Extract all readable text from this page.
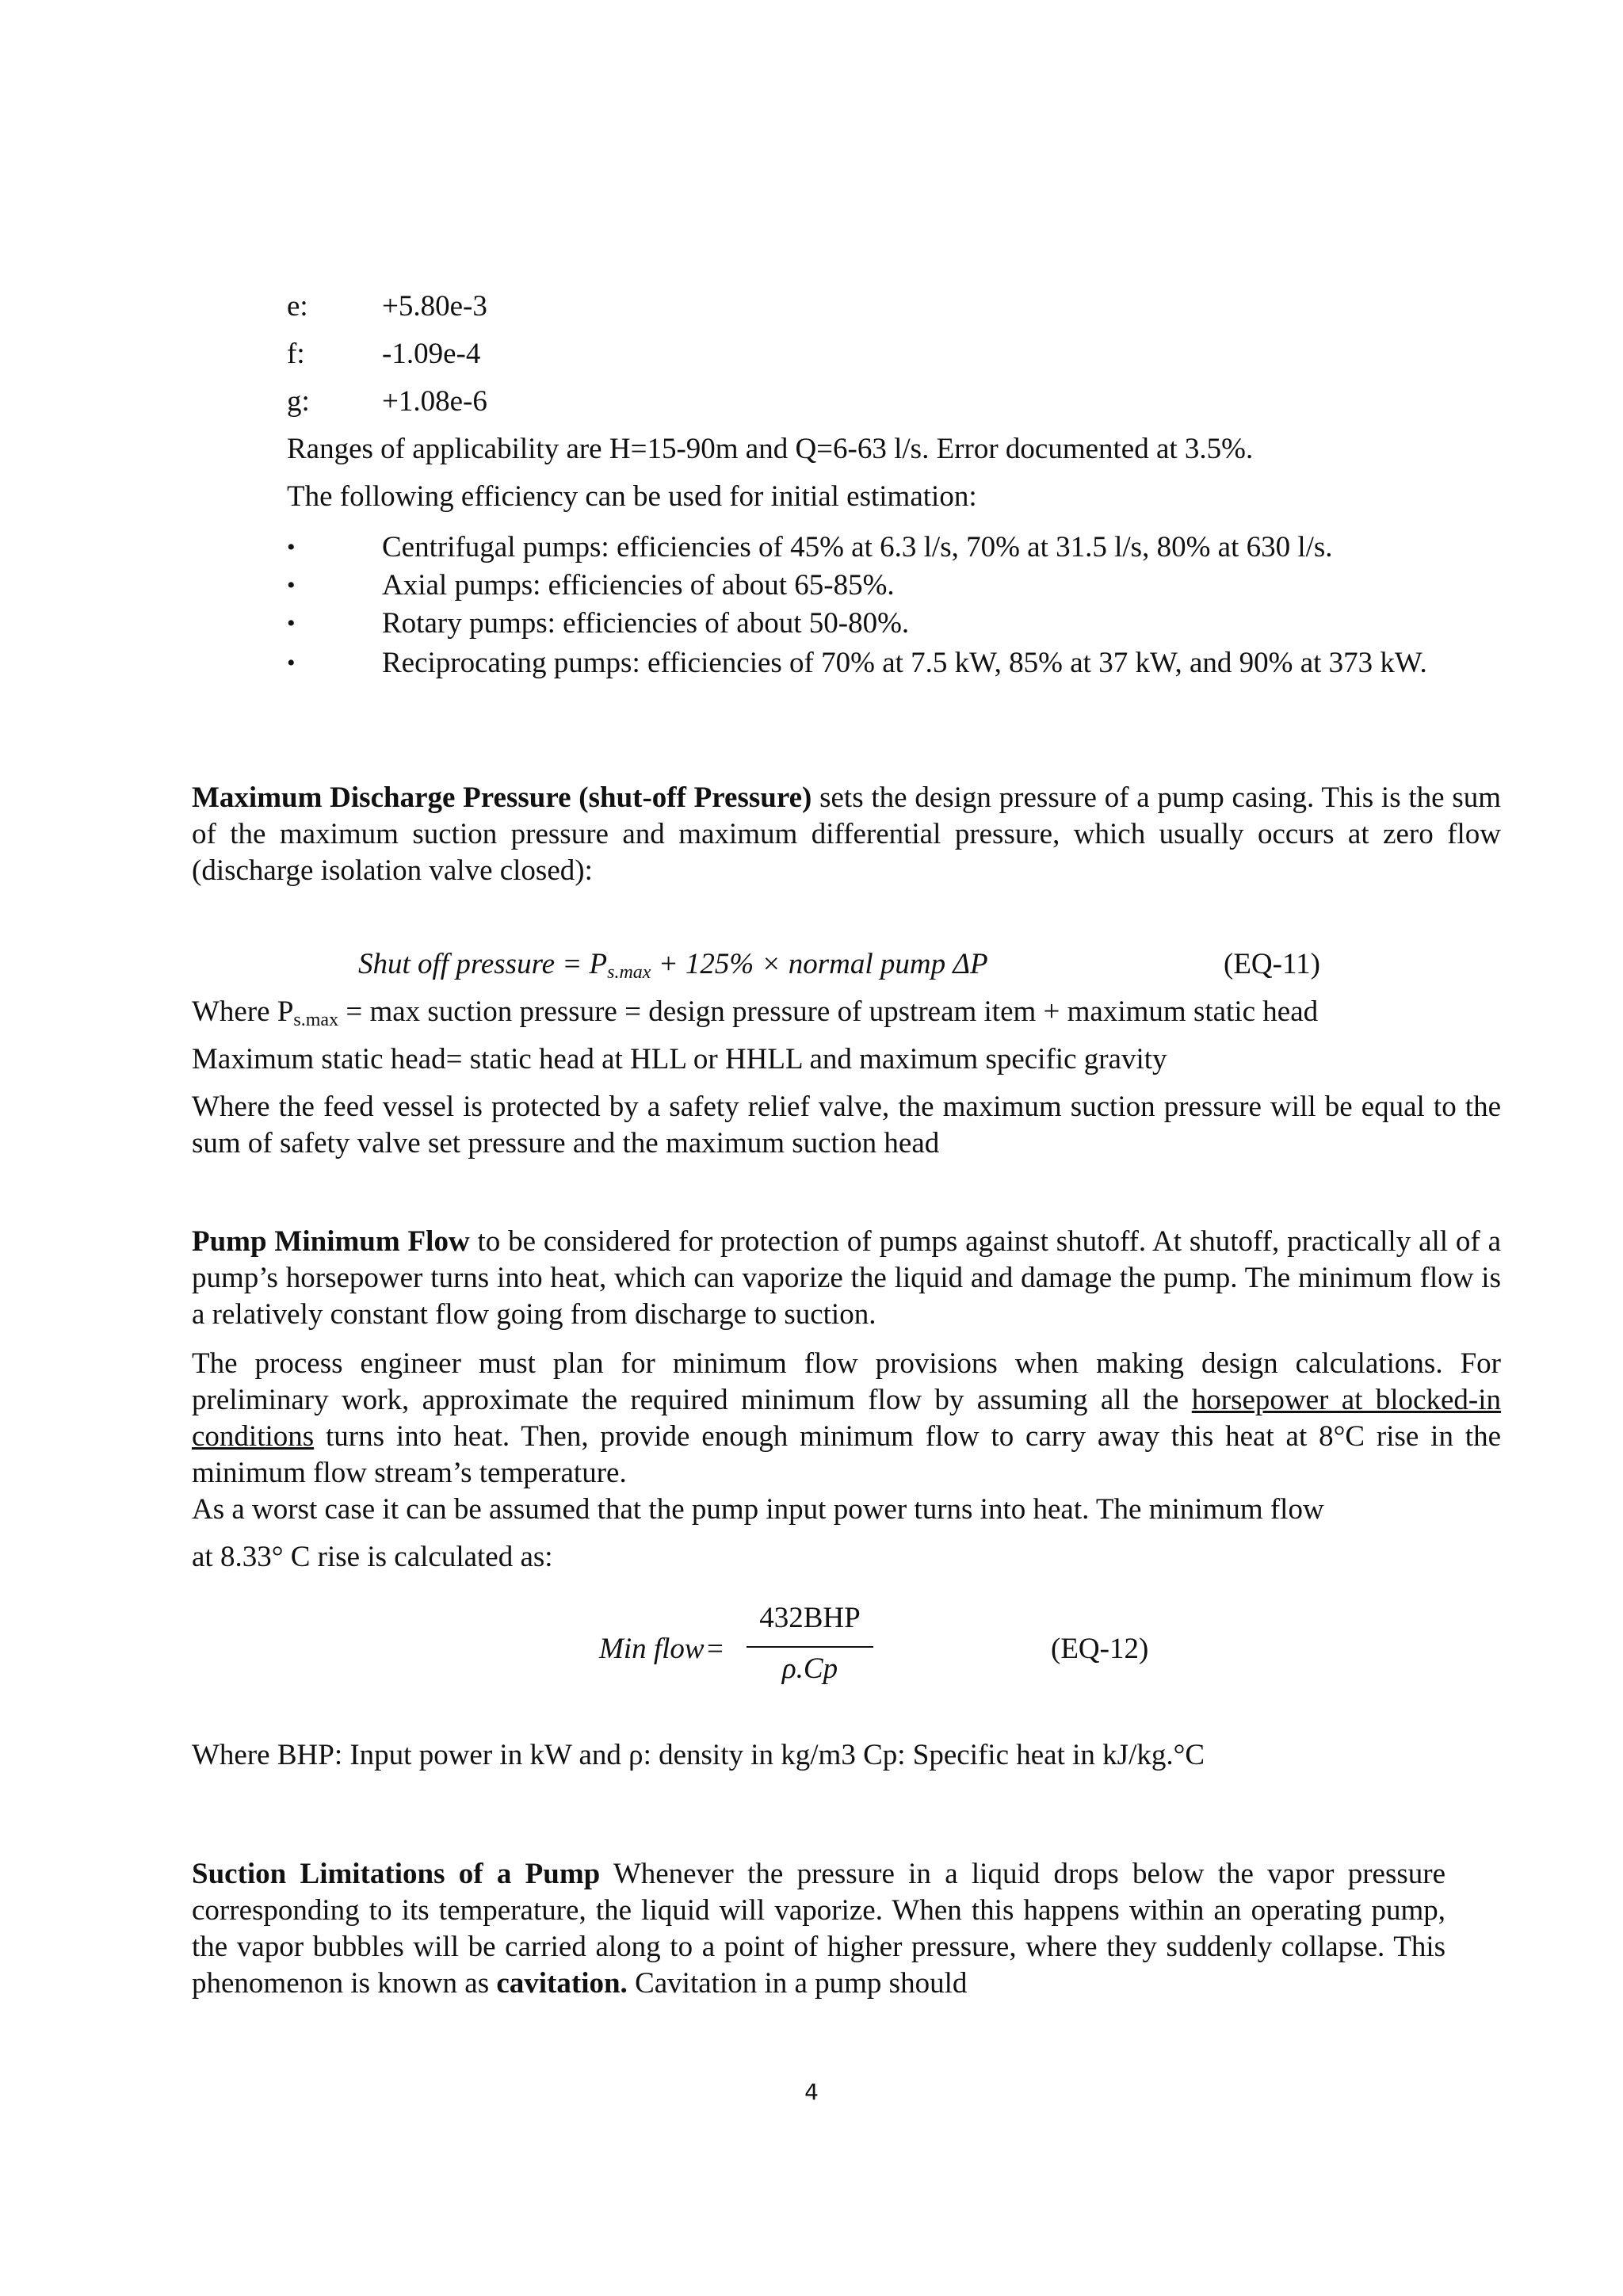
e:	+5.80e-3
f:	-1.09e-4
g: +1.08e-6
Ranges of applicability are H=15-90m and Q=6-63 l/s. Error documented at 3.5%.
The following efficiency can be used for initial estimation:
•	Centrifugal pumps: efficiencies of 45% at 6.3 l/s, 70% at 31.5 l/s, 80% at 630 l/s.
•	Axial pumps: efficiencies of about 65-85%.
•	Rotary pumps: efficiencies of about 50-80%.
•	Reciprocating pumps: efficiencies of 70% at 7.5 kW, 85% at 37 kW, and 90% at 373 kW.

Maximum Discharge Pressure (shut-off Pressure) sets the design pressure of a pump casing. This is the sum of the maximum suction pressure and maximum differential pressure, which usually occurs at zero flow (discharge isolation valve closed):

Shut off pressure = $P_{s.max} + 125\%$ × normal pump ΔP	(EQ-11)
Where $P_{s.max} = \max$ suction pressure = design pressure of upstream item + maximum static head
Maximum static head= static head at HLL or HHLL and maximum specific gravity

Where the feed vessel is protected by a safety relief valve, the maximum suction pressure will be equal to the sum of safety valve set pressure and the maximum suction head

Pump Minimum Flow to be considered for protection of pumps against shutoff. At shutoff, practically all of a pump’s horsepower turns into heat, which can vaporize the liquid and damage the pump. The minimum flow is a relatively constant flow going from discharge to suction.

The process engineer must plan for minimum flow provisions when making design calculations. For preliminary work, approximate the required minimum flow by assuming all the horsepower at blocked-in conditions turns into heat. Then, provide enough minimum flow to carry away this heat at 8°C rise in the minimum flow stream’s temperature.

As a worst case it can be assumed that the pump input power turns into heat. The minimum flow
at 8.33° C rise is calculated as:
Min flow =
432BHP
ρ.Cp
(EQ-12)
Where BHP: Input power in kW and ρ: density in kg/m3 Cp: Specific heat in kJ/kg.°C

Suction Limitations of a Pump Whenever the pressure in a liquid drops below the vapor pressure corresponding to its temperature, the liquid will vaporize. When this happens within an operating pump, the vapor bubbles will be carried along to a point of higher pressure, where they suddenly collapse. This phenomenon is known as cavitation. Cavitation in a pump should

4
